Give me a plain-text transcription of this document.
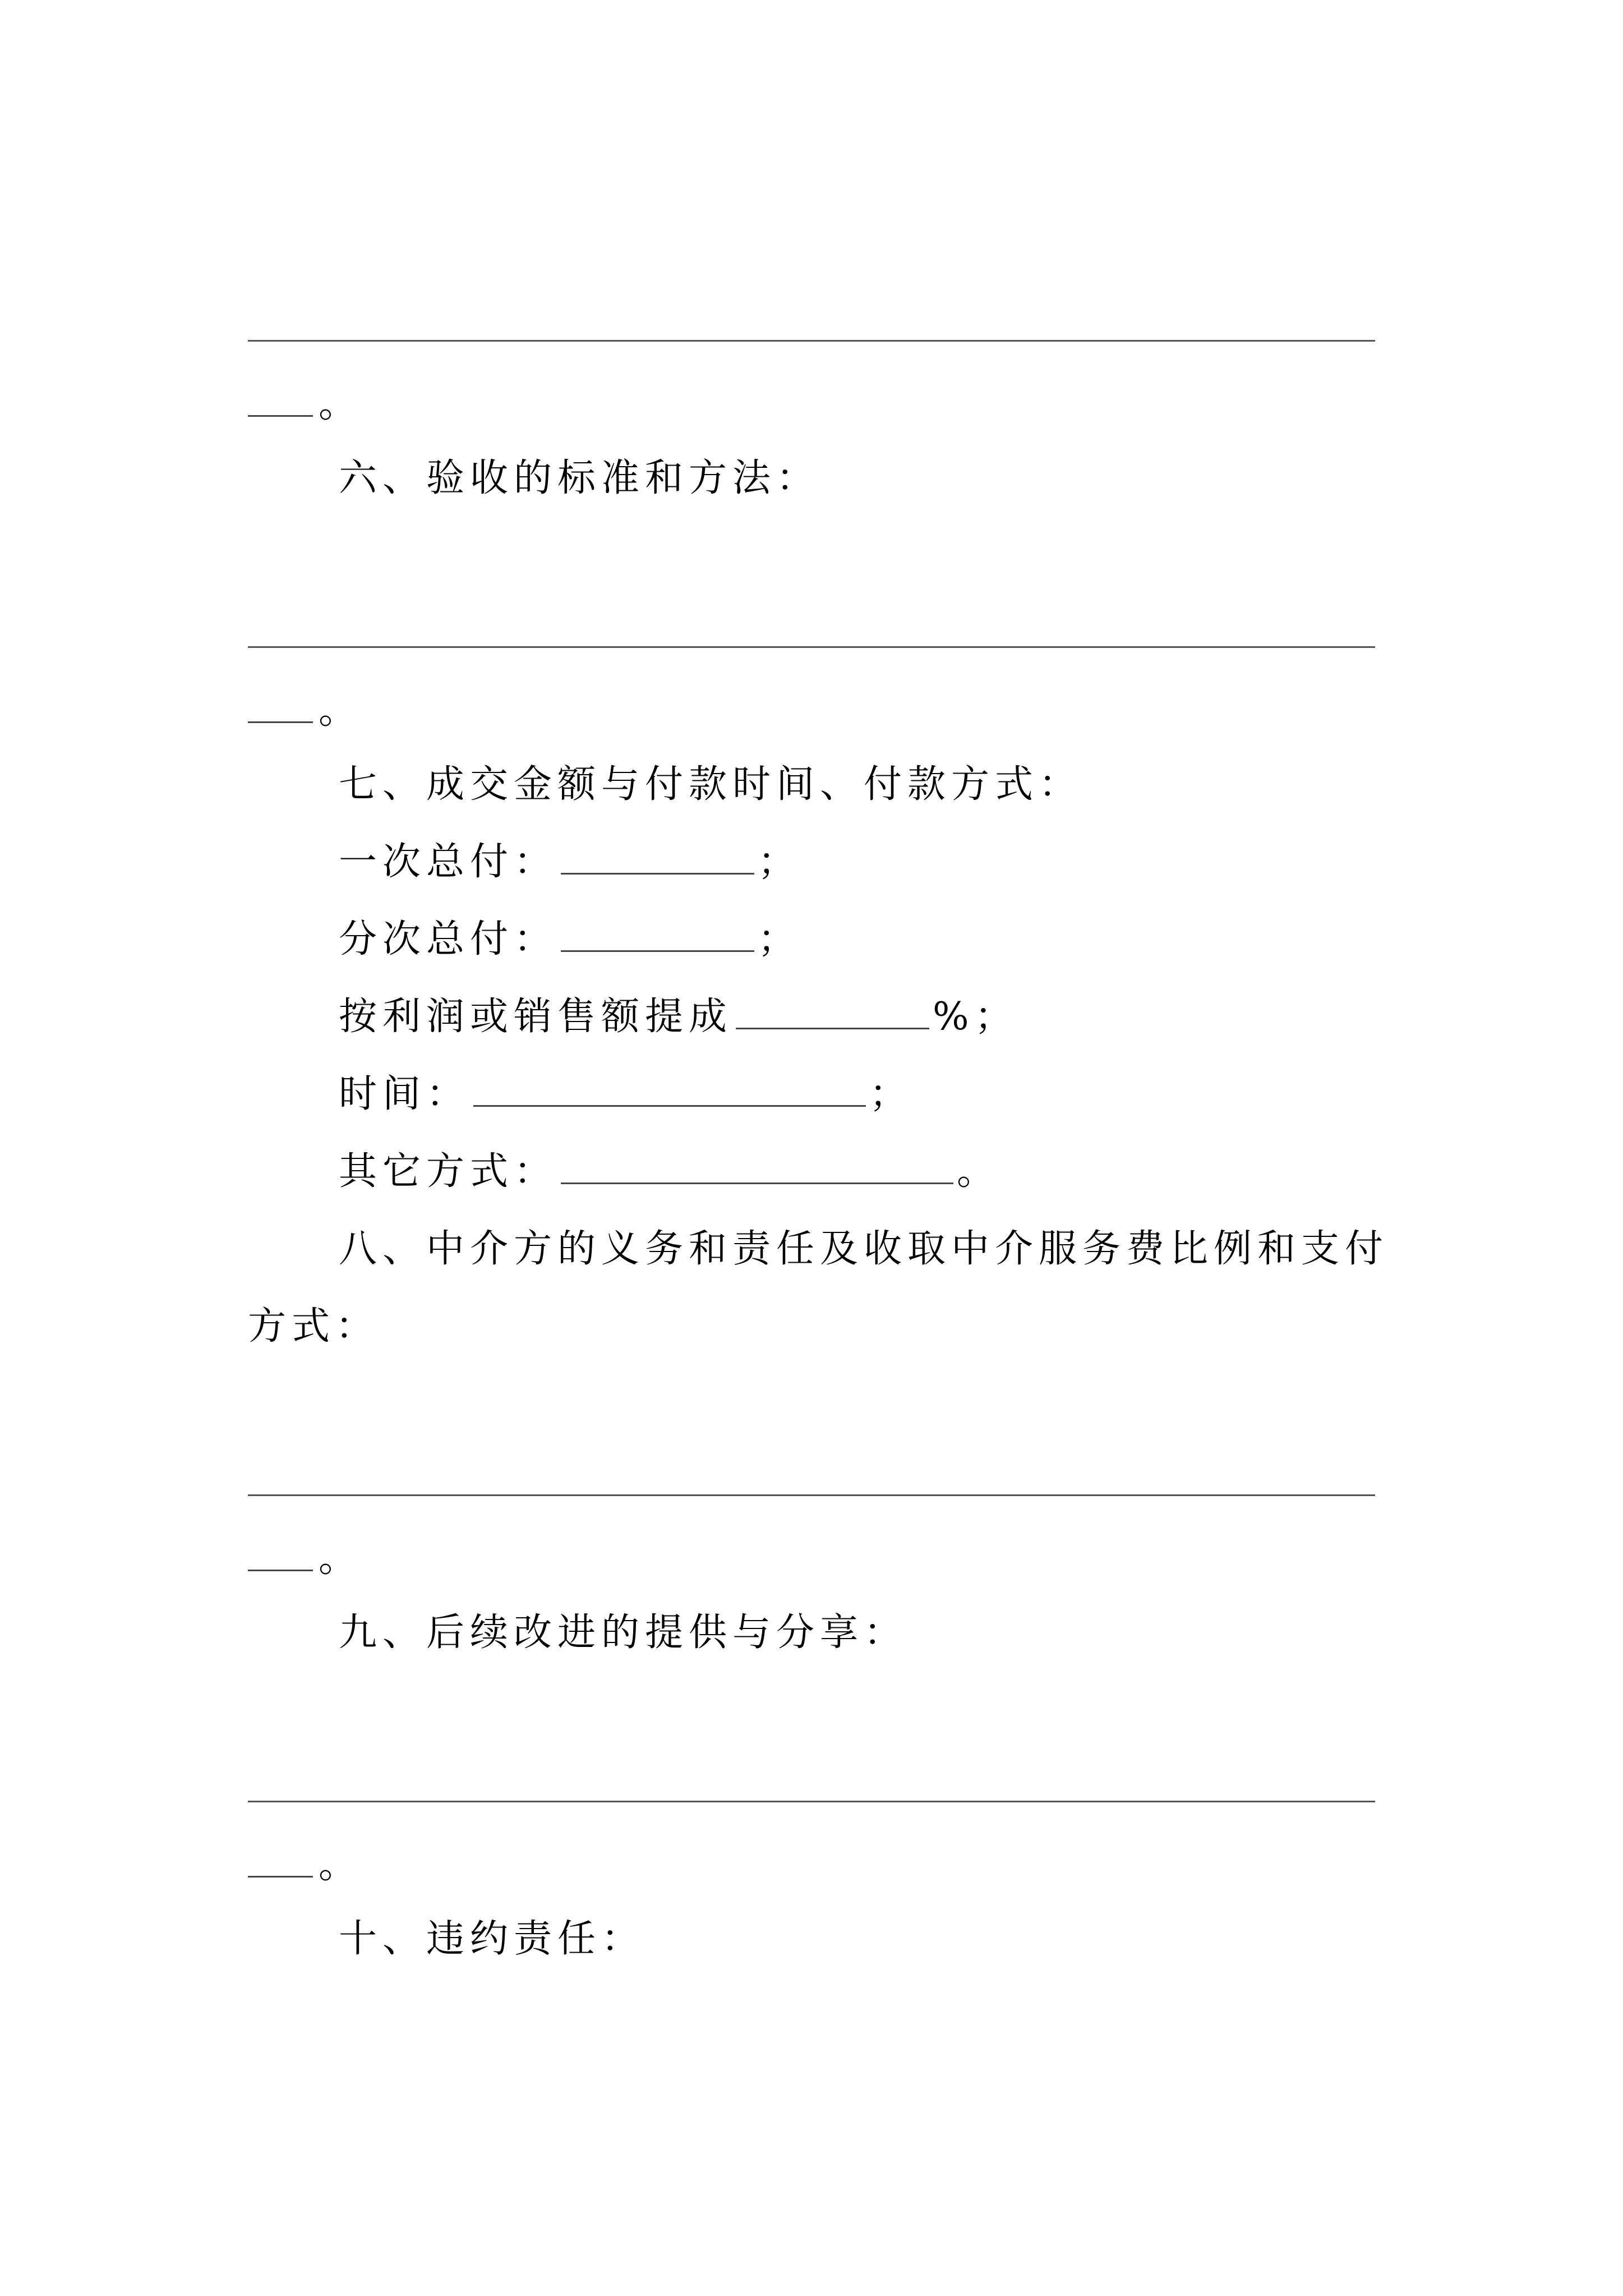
。
六、验收的标准和方法：
。
七、成交金额与付款时间、付款方式：
一次总付：	；
分次总付：	；
按利润或销售额提成	%；
时间：	；
其它方式：	。
八、中介方的义务和责任及收取中介服务费比例和支付
方式：
。
九、后续改进的提供与分享：
。
十、违约责任：
